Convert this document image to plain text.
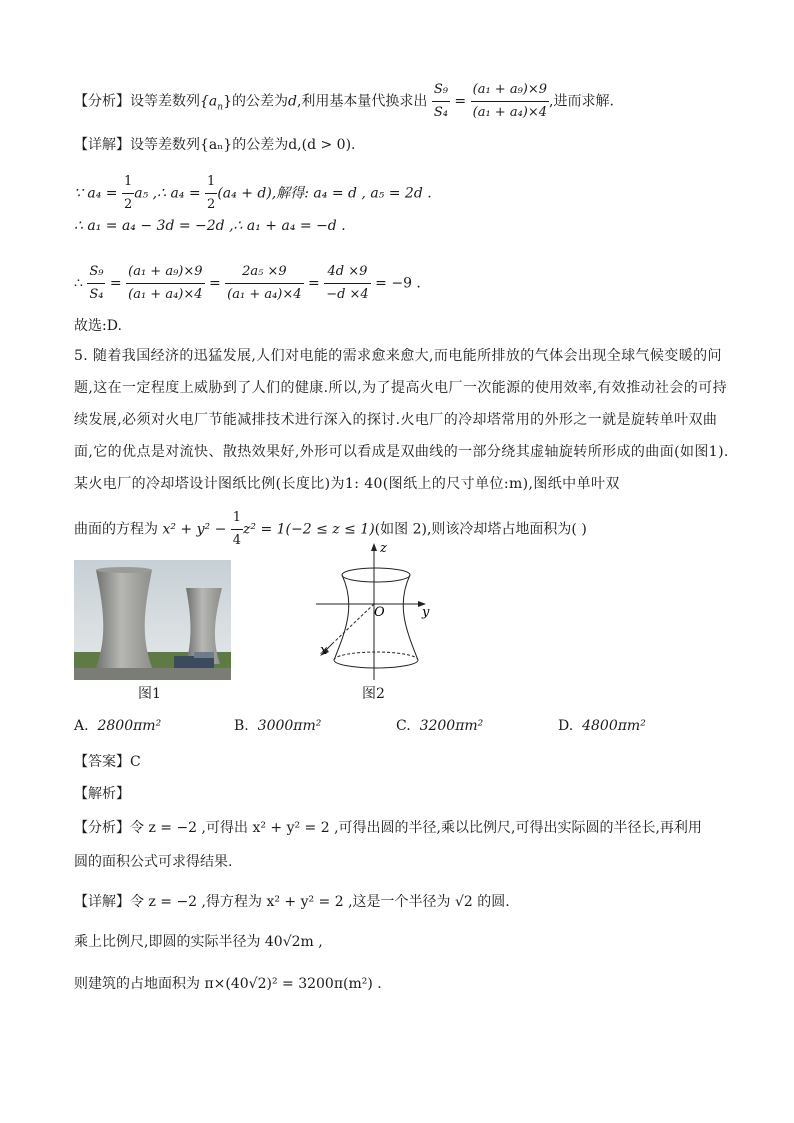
【分析】设等差数列$\{a_n\}$的公差为d,利用基本量代换求出 $\frac{\text{S₉}}{\text{S₄}} = \frac{\text{(a₁ + a₉)×9}}{\text{(a₁ + a₄)×4}}$ ,进而求解.
【详解】设等差数列{aₙ}的公差为d,(d > 0).
∵ $a_4 = \frac{1}{2} a_5$ ,∴ $a_4 = \frac{1}{2} (a_4 + d)$,解得: a₄ = d , a₅ = 2d .
∴ a₁ = a₄ − 3d = −2d ,∴ a₁ + a₄ = −d .
∴ $\frac{\text{S₉}}{\text{S₄}} = \frac{\text{(a₁ + a₉)×9}}{\text{(a₁ + a₄)×4}} = \frac{\text{2a₅ ×9}}{\text{(a₁ + a₄)×4}} = \frac{4d \times 9}{-d \times 4} = -9$ .
故选:D.
5. 随着我国经济的迅猛发展,人们对电能的需求愈来愈大,而电能所排放的气体会出现全球气候变暖的问题,这在一定程度上威胁到了人们的健康.所以,为了提高火电厂一次能源的使用效率,有效推动社会的可持续发展,必须对火电厂节能减排技术进行深入的探讨.火电厂的冷却塔常用的外形之一就是旋转单叶双曲面,它的优点是对流快、散热效果好,外形可以看成是双曲线的一部分绕其虚轴旋转所形成的曲面(如图1).某火电厂的冷却塔设计图纸比例(长度比)为1: 40(图纸上的尺寸单位:m),图纸中单叶双
曲面的方程为 $x^2 + y^2 - \frac{1}{4} z^2 = 1(-2 \le z \le 1)$(如图 2),则该冷却塔占地面积为( )
图1
z
y
x
O
图2
A. 2800πm²	B. 3000πm²	C. 3200πm²	D. 4800πm²
【答案】C
【解析】
【分析】令 z = −2 ,可得出 x² + y² = 2 ,可得出圆的半径,乘以比例尺,可得出实际圆的半径长,再利用
圆的面积公式可求得结果.
【详解】令 z = −2 ,得方程为 x² + y² = 2 ,这是一个半径为 √2 的圆.
乘上比例尺,即圆的实际半径为 40√2m ,
则建筑的占地面积为 π×(40√2)² = 3200π(m²) .
